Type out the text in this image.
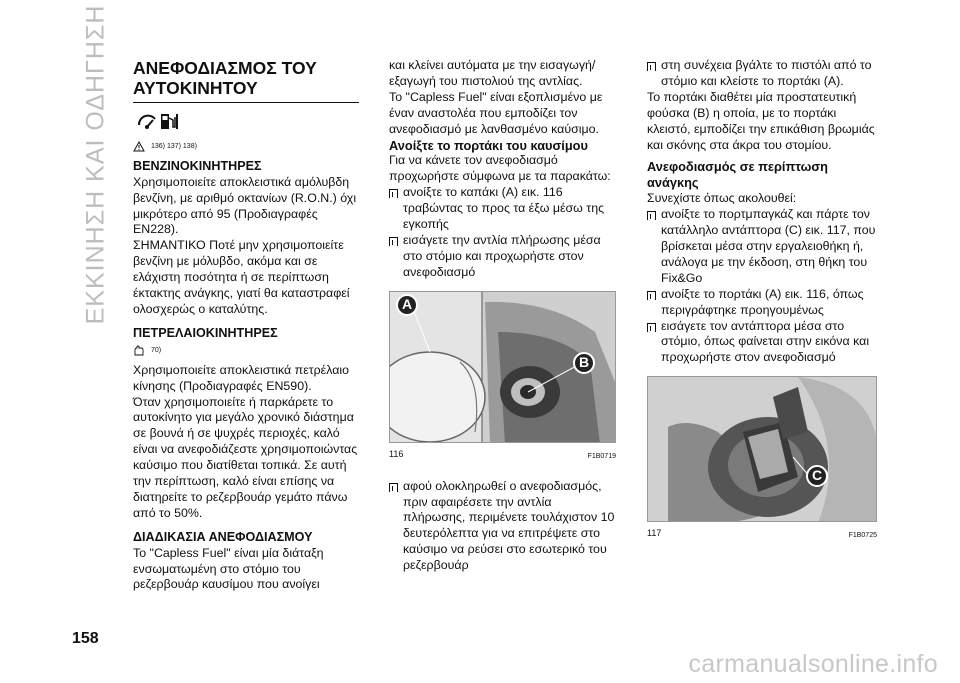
ΕΚΚΙΝΗΣΗ ΚΑΙ ΟΔΗΓΗΣΗ
158
ΑΝΕΦΟΔΙΑΣΜΟΣ ΤΟΥ
ΑΥΤΟΚΙΝΗΤΟΥ
136) 137) 138)

ΒΕΝΖΙΝΟΚΙΝΗΤΗΡΕΣ

Χρησιμοποιείτε αποκλειστικά αμόλυβδη βενζίνη, με αριθμό οκτανίων (R.O.N.) όχι μικρότερο από 95 (Προδιαγραφές EN228).

ΣΗΜΑΝΤΙΚΟ Ποτέ μην χρησιμοποιείτε βενζίνη με μόλυβδο, ακόμα και σε ελάχιστη ποσότητα ή σε περίπτωση έκτακτης ανάγκης, γιατί θα καταστραφεί ολοσχερώς ο καταλύτης.

ΠΕΤΡΕΛΑΙΟΚΙΝΗΤΗΡΕΣ

70)

Χρησιμοποιείτε αποκλειστικά πετρέλαιο κίνησης (Προδιαγραφές EN590).

Όταν χρησιμοποιείτε ή παρκάρετε το αυτοκίνητο για μεγάλο χρονικό διάστημα σε βουνά ή σε ψυχρές περιοχές, καλό είναι να ανεφοδιάζεστε χρησιμοποιώντας καύσιμο που διατίθεται τοπικά. Σε αυτή την περίπτωση, καλό είναι επίσης να διατηρείτε το ρεζερβουάρ γεμάτο πάνω από το 50%.

ΔΙΑΔΙΚΑΣΙΑ ΑΝΕΦΟΔΙΑΣΜΟΥ

Το "Capless Fuel" είναι μία διάταξη ενσωματωμένη στο στόμιο του ρεζερβουάρ καυσίμου που ανοίγει

και κλείνει αυτόματα με την εισαγωγή/εξαγωγή του πιστολιού της αντλίας.

Το "Capless Fuel" είναι εξοπλισμένο με έναν αναστολέα που εμποδίζει τον ανεφοδιασμό με λανθασμένο καύσιμο.

Ανοίξτε το πορτάκι του καυσίμου

Για να κάνετε τον ανεφοδιασμό προχωρήστε σύμφωνα με τα παρακάτω:

ανοίξτε το καπάκι (A) εικ. 116 τραβώντας το προς τα έξω μέσω της εγκοπής
εισάγετε την αντλία πλήρωσης μέσα στο στόμιο και προχωρήστε στον ανεφοδιασμό
A
B
116	F1B0719
αφού ολοκληρωθεί ο ανεφοδιασμός, πριν αφαιρέσετε την αντλία πλήρωσης, περιμένετε τουλάχιστον 10 δευτερόλεπτα για να επιτρέψετε στο καύσιμο να ρεύσει στο εσωτερικό του ρεζερβουάρ
στη συνέχεια βγάλτε το πιστόλι από το στόμιο και κλείστε το πορτάκι (A).

Το πορτάκι διαθέτει μία προστατευτική φούσκα (B) η οποία, με το πορτάκι κλειστό, εμποδίζει την επικάθιση βρωμιάς και σκόνης στα άκρα του στομίου.

Ανεφοδιασμός σε περίπτωση ανάγκης

Συνεχίστε όπως ακολουθεί:

ανοίξτε το πορτμπαγκάζ και πάρτε τον κατάλληλο αντάπτορα (C) εικ. 117, που βρίσκεται μέσα στην εργαλειοθήκη ή, ανάλογα με την έκδοση, στη θήκη του Fix&Go
ανοίξτε το πορτάκι (A) εικ. 116, όπως περιγράφτηκε προηγουμένως
εισάγετε τον αντάπτορα μέσα στο στόμιο, όπως φαίνεται στην εικόνα και προχωρήστε στον ανεφοδιασμό
C
117	F1B0725
carmanualsonline.info
